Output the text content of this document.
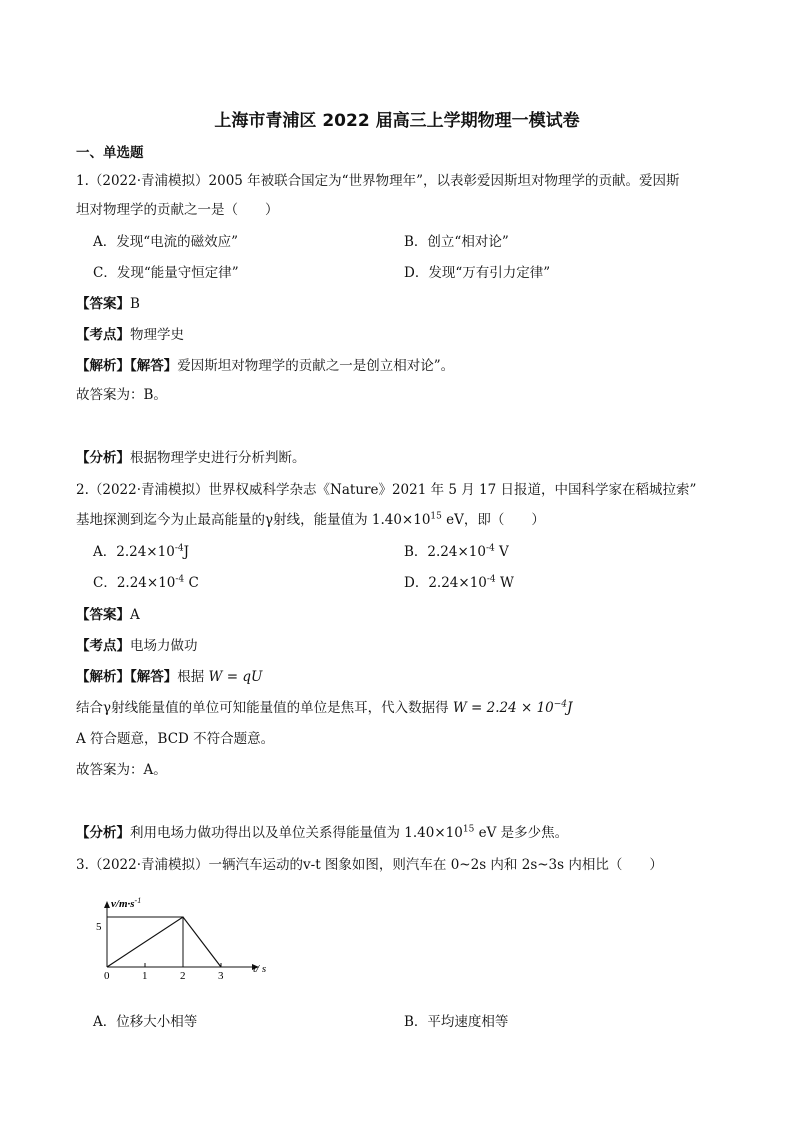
上海市青浦区 2022 届高三上学期物理一模试卷
一、单选题
1.（2022·青浦模拟）2005 年被联合国定为“世界物理年”，以表彰爱因斯坦对物理学的贡献。爱因斯
坦对物理学的贡献之一是（　　）
A．发现“电流的磁效应”	B．创立“相对论”
C．发现“能量守恒定律”	D．发现“万有引力定律”
【答案】B
【考点】物理学史
【解析】【解答】爱因斯坦对物理学的贡献之一是创立相对论”。
故答案为：B。
【分析】根据物理学史进行分析判断。
2.（2022·青浦模拟）世界权威科学杂志《Nature》2021 年 5 月 17 日报道，中国科学家在稻城拉索”
基地探测到迄今为止最高能量的γ射线，能量值为 $1.40\times 10^{15}$ eV，即（　　）
A．$2.24\times 10^{-4}J$	B．$2.24\times 10^{-4}$ V
C．$2.24\times 10^{-4}$ C	D．$2.24\times 10^{-4}$ W
【答案】A
【考点】电场力做功
【解析】【解答】根据 W = qU
结合γ射线能量值的单位可知能量值的单位是焦耳，代入数据得 $W = 2.24 \times 10^{-4}J$
A 符合题意，BCD 不符合题意。
故答案为：A。
【分析】利用电场力做功得出以及单位关系得能量值为 $1.40\times 10^{15}$ eV 是多少焦。
3.（2022·青浦模拟）一辆汽车运动的v-t 图象如图，则汽车在 0~2s 内和 2s~3s 内相比（　　）
$v/m\cdot s^{-1}$
t/ s
5
0	1	2	3
A．位移大小相等	B．平均速度相等
